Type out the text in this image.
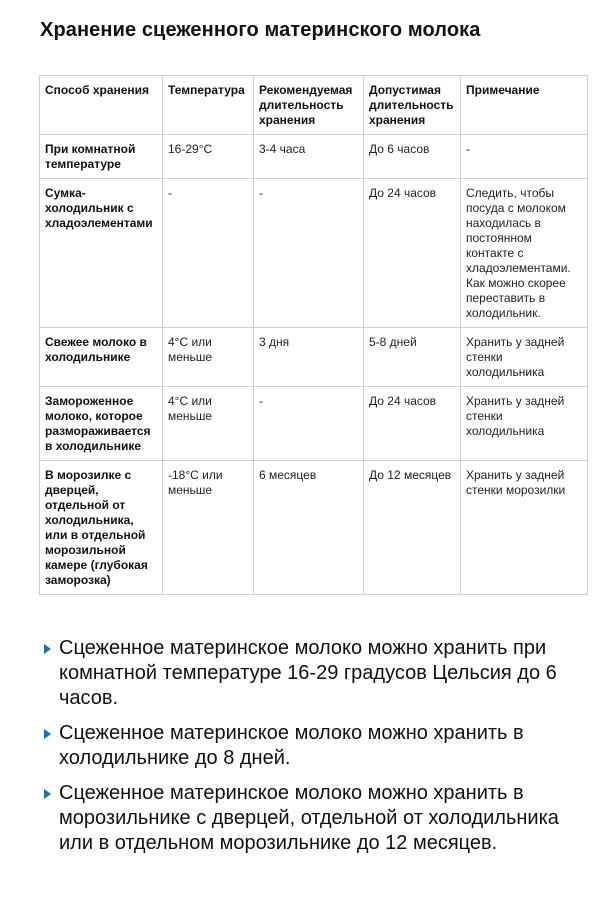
Хранение сцеженного материнского молока
Способ хранения	Температура	Рекомендуемая длительность хранения	Допустимая длительность хранения	Примечание
При комнатной температуре	16-29°C	3-4 часа	До 6 часов	-
Сумка-холодильник с хладоэлементами	-	-	До 24 часов	Следить, чтобы посуда с молоком находилась в постоянном контакте с хладоэлементами. Как можно скорее переставить в холодильник.
Свежее молоко в холодильнике	4°C или меньше	3 дня	5-8 дней	Хранить у задней стенки холодильника
Замороженное молоко, которое размораживается в холодильнике	4°C или меньше	-	До 24 часов	Хранить у задней стенки холодильника
В морозилке с дверцей, отдельной от холодильника, или в отдельной морозильной камере (глубокая заморозка)	-18°C или меньше	6 месяцев	До 12 месяцев	Хранить у задней стенки морозилки
Сцеженное материнское молоко можно хранить при комнатной температуре 16-29 градусов Цельсия до 6 часов.
Сцеженное материнское молоко можно хранить в холодильнике до 8 дней.
Сцеженное материнское молоко можно хранить в морозильнике с дверцей, отдельной от холодильника или в отдельном морозильнике до 12 месяцев.
